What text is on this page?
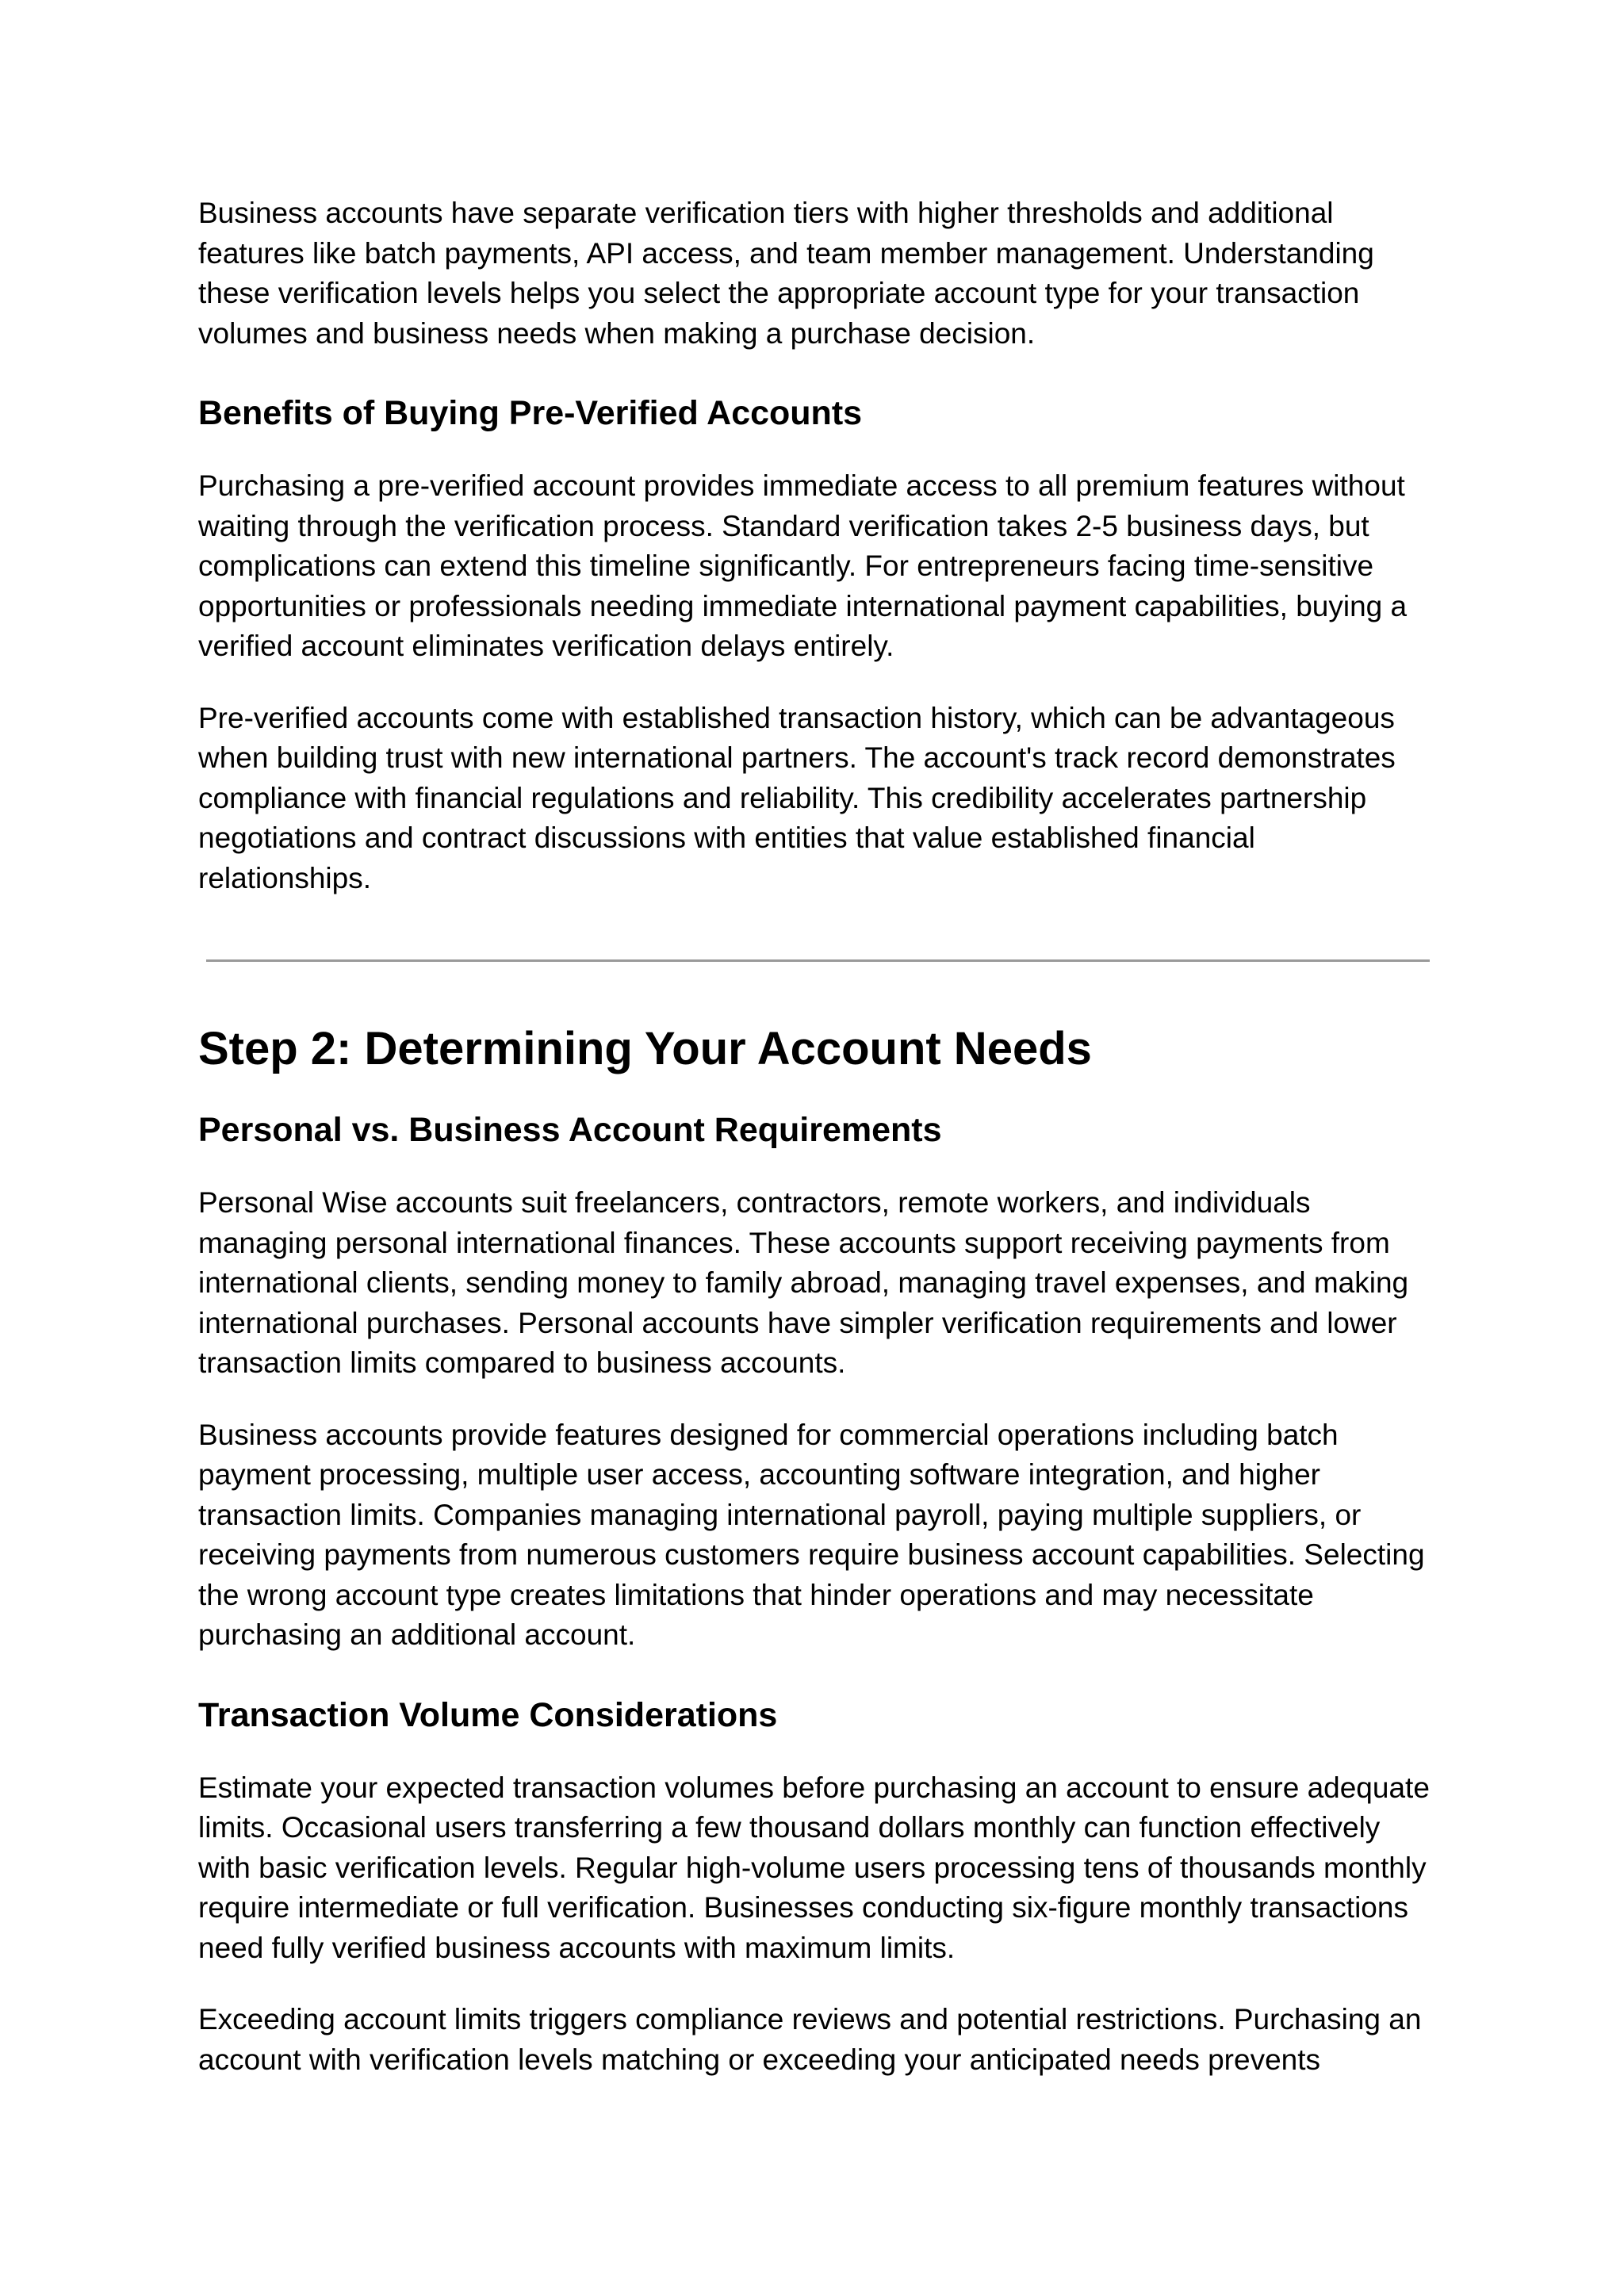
Business accounts have separate verification tiers with higher thresholds and additional features like batch payments, API access, and team member management. Understanding these verification levels helps you select the appropriate account type for your transaction volumes and business needs when making a purchase decision.

Benefits of Buying Pre-Verified Accounts

Purchasing a pre-verified account provides immediate access to all premium features without waiting through the verification process. Standard verification takes 2-5 business days, but complications can extend this timeline significantly. For entrepreneurs facing time-sensitive opportunities or professionals needing immediate international payment capabilities, buying a verified account eliminates verification delays entirely.

Pre-verified accounts come with established transaction history, which can be advantageous when building trust with new international partners. The account's track record demonstrates compliance with financial regulations and reliability. This credibility accelerates partnership negotiations and contract discussions with entities that value established financial relationships.

Step 2: Determining Your Account Needs
Personal vs. Business Account Requirements

Personal Wise accounts suit freelancers, contractors, remote workers, and individuals managing personal international finances. These accounts support receiving payments from international clients, sending money to family abroad, managing travel expenses, and making international purchases. Personal accounts have simpler verification requirements and lower transaction limits compared to business accounts.

Business accounts provide features designed for commercial operations including batch payment processing, multiple user access, accounting software integration, and higher transaction limits. Companies managing international payroll, paying multiple suppliers, or receiving payments from numerous customers require business account capabilities. Selecting the wrong account type creates limitations that hinder operations and may necessitate purchasing an additional account.

Transaction Volume Considerations

Estimate your expected transaction volumes before purchasing an account to ensure adequate limits. Occasional users transferring a few thousand dollars monthly can function effectively with basic verification levels. Regular high-volume users processing tens of thousands monthly require intermediate or full verification. Businesses conducting six-figure monthly transactions need fully verified business accounts with maximum limits.

Exceeding account limits triggers compliance reviews and potential restrictions. Purchasing an account with verification levels matching or exceeding your anticipated needs prevents
